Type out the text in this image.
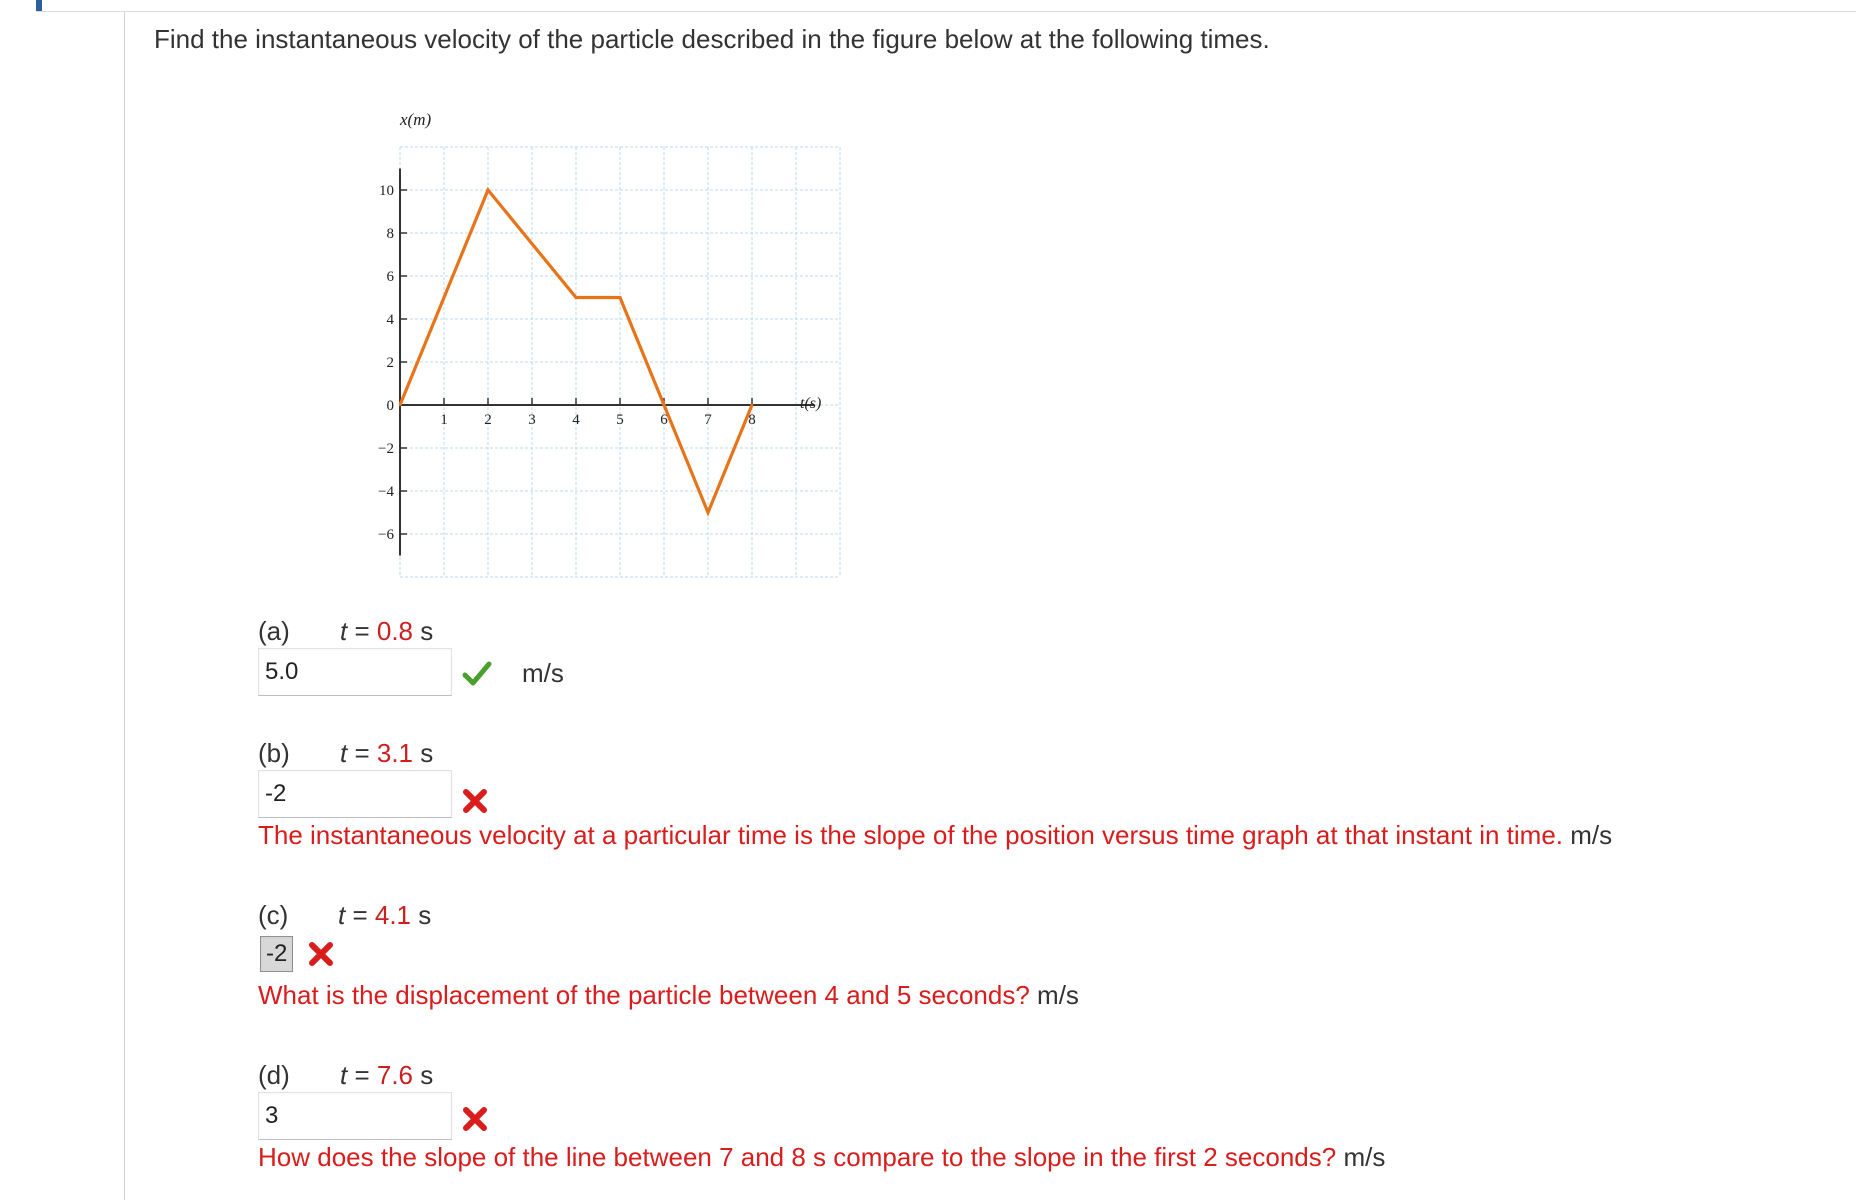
Find the instantaneous velocity of the particle described in the figure below at the following times.
10
8
6
4
2
0
−2
−4
−6
1 2 3 4 5 6 7 8
x(m)
t(s)
(a) t = 0.8 s
5.0	m/s
(b) t = 3.1 s
-2
The instantaneous velocity at a particular time is the slope of the position versus time graph at that instant in time. m/s
(c) t = 4.1 s
-2
What is the displacement of the particle between 4 and 5 seconds? m/s
(d) t = 7.6 s
3
How does the slope of the line between 7 and 8 s compare to the slope in the first 2 seconds? m/s
